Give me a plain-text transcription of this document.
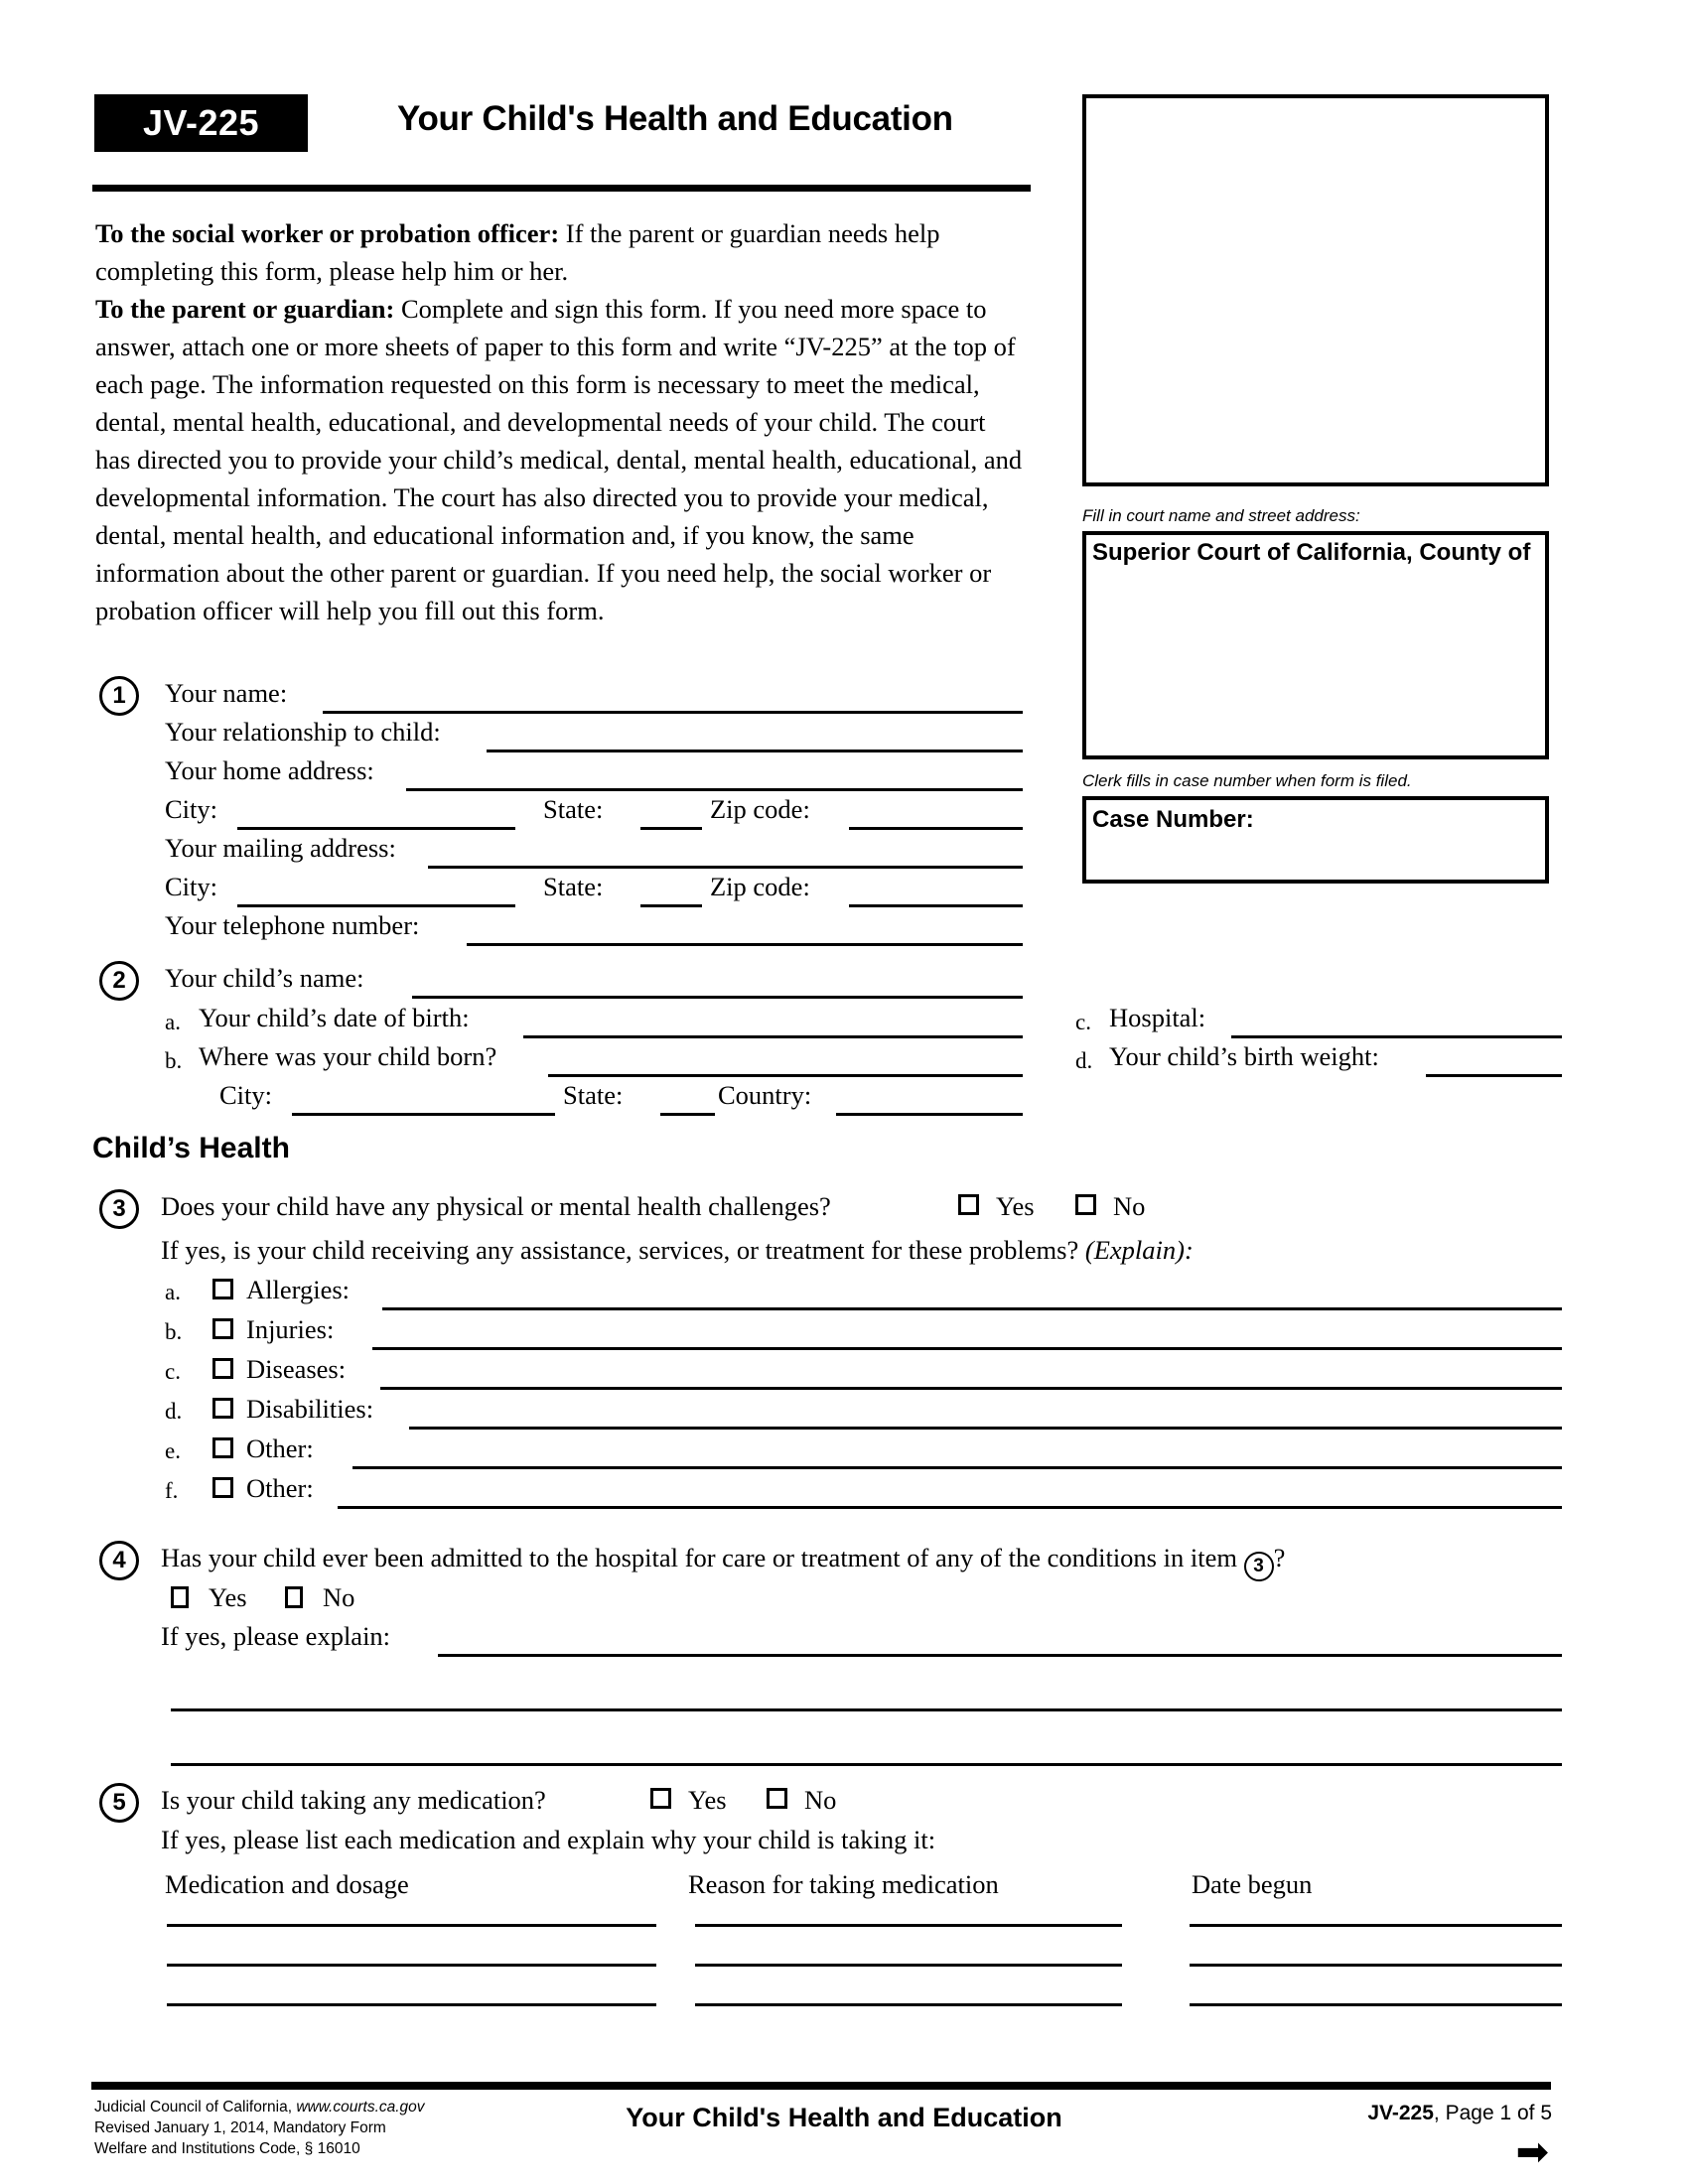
JV-225	Your Child's Health and Education
Fill in court name and street address:
Superior Court of California, County of
Clerk fills in case number when form is filed.
Case Number:
To the social worker or probation officer: If the parent or guardian needs help completing this form, please help him or her.
To the parent or guardian: Complete and sign this form. If you need more space to answer, attach one or more sheets of paper to this form and write “JV-225” at the top of each page. The information requested on this form is necessary to meet the medical, dental, mental health, educational, and developmental needs of your child. The court has directed you to provide your child’s medical, dental, mental health, educational, and developmental information. The court has also directed you to provide your medical, dental, mental health, and educational information and, if you know, the same information about the other parent or guardian. If you need help, the social worker or probation officer will help you fill out this form.
1	Your name:
Your relationship to child:
Your home address:
City:	State:	Zip code:
Your mailing address:
City:	State:	Zip code:
Your telephone number:
2	Your child’s name:
a. Your child’s date of birth:
b. Where was your child born?
City:	State:	Country:
c. Hospital:
d. Your child’s birth weight:
Child’s Health
3	Does your child have any physical or mental health challenges?	Yes	No
If yes, is your child receiving any assistance, services, or treatment for these problems? (Explain):
a. Allergies:
b. Injuries:
c. Diseases:
d. Disabilities:
e. Other:
f.	Other:
4	Has your child ever been admitted to the hospital for care or treatment of any of the conditions in item 3 ?
Yes	No
If yes, please explain:
5	Is your child taking any medication?	Yes	No
If yes, please list each medication and explain why your child is taking it:
Medication and dosage	Reason for taking medication	Date begun
Judicial Council of California, www.courts.ca.gov
Revised January 1, 2014, Mandatory Form
Welfare and Institutions Code, § 16010
Your Child's Health and Education	JV-225, Page 1 of 5
➡
